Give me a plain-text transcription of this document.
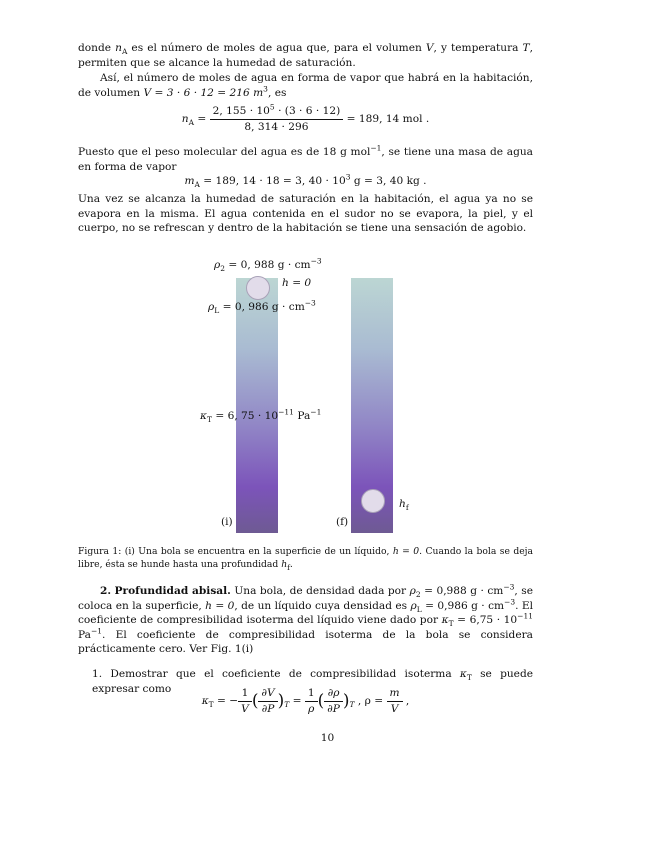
donde $n_A$ es el número de moles de agua que, para el volumen V, y temperatura T, permiten que se alcance la humedad de saturación.

Así, el número de moles de agua en forma de vapor que habrá en la habitación, de volumen V = 3 · 6 · 12 = 216 $m^3$, es

$n_A = \frac{2, 155 \cdot 10^5 \cdot (3 \cdot 6 \cdot 12)}{8, 314 \cdot 296} = 189$, 14 mol .

Puesto que el peso molecular del agua es de 18 g mol$^{-1}$, se tiene una masa de agua en forma de vapor

$m_A = 189$, 14 · 18 = 3, $40 \cdot 10^3$ g = 3, 40 kg .

Una vez se alcanza la humedad de saturación en la habitación, el agua ya no se evapora en la misma. El agua contenida en el sudor no se evapora, la piel, y el cuerpo, no se refrescan y dentro de la habitación se tiene una sensación de agobio.

$\rho_2 = 0$, 988 $g \cdot cm^{-3}$
h = 0
$\rho_L = 0$, 986 $g \cdot cm^{-3}$
$\kappa_T = 6$, $75 \cdot 10^{-11}$ $Pa^{-1}$
(i)	(f)
$h_f$

Figura 1: (i) Una bola se encuentra en la superficie de un líquido, h = 0. Cuando la bola se deja libre, ésta se hunde hasta una profundidad $h_f$.

2. Profundidad abisal. Una bola, de densidad dada por $\rho_2 = 0,988$ $g \cdot cm^{-3}$, se coloca en la superficie, h = 0, de un líquido cuya densidad es $\rho_L = 0,986$ $g \cdot cm^{-3}$. El coeficiente de compresibilidad isoterma del líquido viene dado por $\kappa_T = 6,75 \cdot 10^{-11}$ $Pa^{-1}$. El coeficiente de compresibilidad isoterma de la bola se considera prácticamente cero. Ver Fig. 1(i)

1. Demostrar que el coeficiente de compresibilidad isoterma $\kappa_T$ se puede expresar como

$\kappa_T$ = − $\frac{1}{V}$ ( $\frac{\partial V}{\partial P} )_T = \frac{1}{\rho}$ ( $\frac{\partial\rho}{\partial P} )_T$ , $\rho = \frac{m}{V}$ ,
10
